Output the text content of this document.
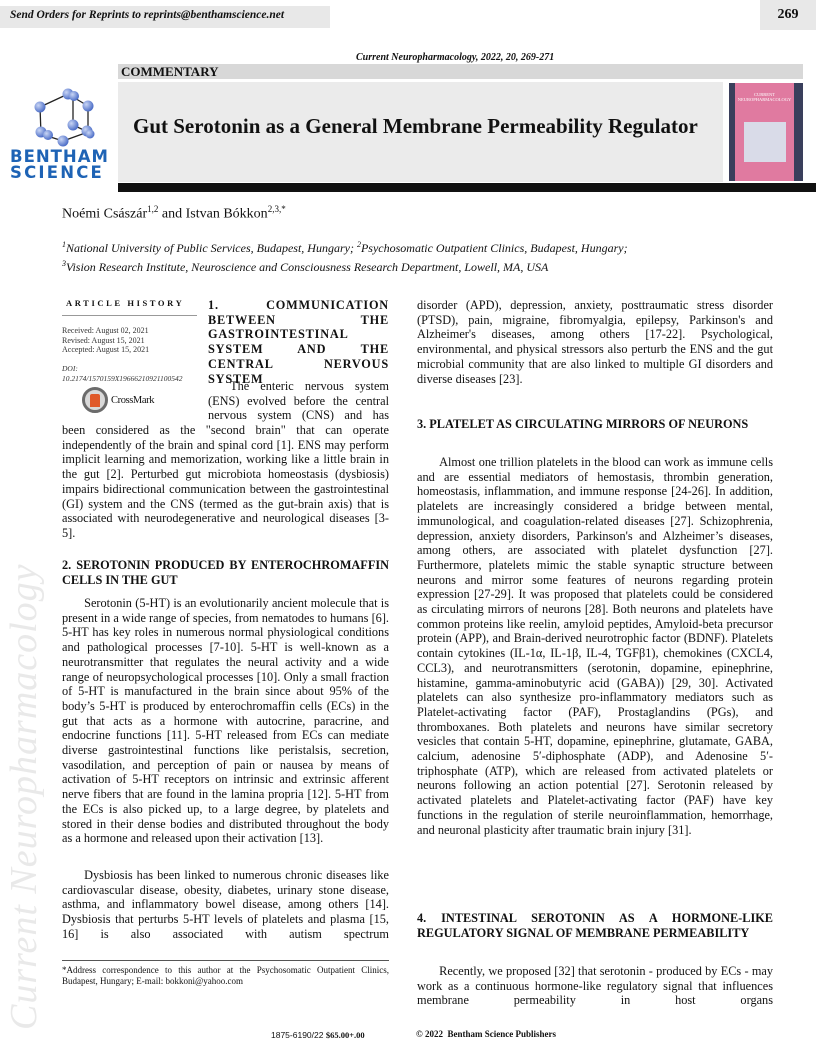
Send Orders for Reprints to reprints@benthamscience.net	269
Current Neuropharmacology, 2022, 20, 269-271
COMMENTARY
BENTHAM
SCIENCE
Gut Serotonin as a General Membrane Permeability Regulator
CURRENT NEUROPHARMACOLOGY
Noémi Császár$^{1,2}$ and Istvan Bókkon$^{2,3,*}$
$^1$National University of Public Services, Budapest, Hungary; $^2$Psychosomatic Outpatient Clinics, Budapest, Hungary;
$^3$Vision Research Institute, Neuroscience and Consciousness Research Department, Lowell, MA, USA
Current Neuropharmacology
ARTICLE HISTORY
Received: August 02, 2021
Revised: August 15, 2021
Accepted: August 15, 2021
DOI:
10.2174/1570159X19666210921100542
CrossMark
1. COMMUNICATION BETWEEN THE GASTROINTESTINAL SYSTEM AND THE CENTRAL NERVOUS SYSTEM

The enteric nervous system (ENS) evolved before the central nervous system (CNS) and has

been considered as the "second brain" that can operate independently of the brain and spinal cord [1]. ENS may perform implicit learning and memorization, working like a little brain in the gut [2]. Perturbed gut microbiota homeostasis (dysbiosis) impairs bidirectional communication between the gastrointestinal (GI) system and the CNS (termed as the gut-brain axis) that is associated with neurodegenerative and neurological diseases [3-5].

2. SEROTONIN PRODUCED BY ENTEROCHROMAFFIN CELLS IN THE GUT

Serotonin (5-HT) is an evolutionarily ancient molecule that is present in a wide range of species, from nematodes to humans [6]. 5-HT has key roles in numerous normal physiological conditions and pathological processes [7-10]. 5-HT is well-known as a neurotransmitter that regulates the neural activity and a wide range of neuropsychological processes [10]. Only a small fraction of 5-HT is manufactured in the brain since about 95% of the body’s 5-HT is produced by enterochromaffin cells (ECs) in the gut that acts as a hormone with autocrine, paracrine, and endocrine functions [11]. 5-HT released from ECs can mediate diverse gastrointestinal functions like peristalsis, secretion, vasodilation, and perception of pain or nausea by means of activation of 5-HT receptors on intrinsic and extrinsic afferent nerve fibers that are found in the lamina propria [12]. 5-HT from the ECs is also picked up, to a large degree, by platelets and stored in their dense bodies and distributed throughout the body as a hormone and released upon their activation [13].

Dysbiosis has been linked to numerous chronic diseases like cardiovascular disease, obesity, diabetes, urinary stone disease, asthma, and inflammatory bowel disease, among others [14]. Dysbiosis that perturbs 5-HT levels of platelets and plasma [15, 16] is also associated with autism spectrum

*Address correspondence to this author at the Psychosomatic Outpatient Clinics, Budapest, Hungary; E-mail: bokkoni@yahoo.com

disorder (APD), depression, anxiety, posttraumatic stress disorder (PTSD), pain, migraine, fibromyalgia, epilepsy, Parkinson's and Alzheimer's diseases, among others [17-22]. Psychological, environmental, and physical stressors also perturb the ENS and the gut microbial community that are also linked to multiple GI disorders and diverse diseases [23].

3. PLATELET AS CIRCULATING MIRRORS OF NEURONS

Almost one trillion platelets in the blood can work as immune cells and are essential mediators of hemostasis, thrombin generation, homeostasis, inflammation, and immune response [24-26]. In addition, platelets are increasingly considered a bridge between mental, immunological, and coagulation-related diseases [27]. Schizophrenia, depression, anxiety disorders, Parkinson's and Alzheimer’s diseases, among others, are associated with platelet dysfunction [27]. Furthermore, platelets mimic the stable synaptic structure between neurons and mirror some features of neurons regarding protein expression [27-29]. It was proposed that platelets could be considered as circulating mirrors of neurons [28]. Both neurons and platelets have common proteins like reelin, amyloid peptides, Amyloid-beta precursor protein (APP), and Brain-derived neurotrophic factor (BDNF). Platelets contain cytokines (IL-1α, IL-1β, IL-4, TGFβ1), chemokines (CXCL4, CCL3), and neurotransmitters (serotonin, dopamine, epinephrine, histamine, gamma-aminobutyric acid (GABA)) [29, 30]. Activated platelets can also synthesize pro-inflammatory mediators such as Platelet-activating factor (PAF), Prostaglandins (PGs), and thromboxanes. Both platelets and neurons have similar secretory vesicles that contain 5-HT, dopamine, epinephrine, glutamate, GABA, calcium, adenosine 5′-diphosphate (ADP), and Adenosine 5′-triphosphate (ATP), which are released from activated platelets or neurons following an action potential [27]. Serotonin released by activated platelets and Platelet-activating factor (PAF) have key functions in the regulation of sterile neuroinflammation, hemorrhage, and neuronal plasticity after traumatic brain injury [31].

4. INTESTINAL SEROTONIN AS A HORMONE-LIKE REGULATORY SIGNAL OF MEMBRANE PERMEABILITY

Recently, we proposed [32] that serotonin - produced by ECs - may work as a continuous hormone-like regulatory signal that influences membrane permeability in host organs

1875-6190/22 $65.00+.00	© 2022  Bentham Science Publishers
